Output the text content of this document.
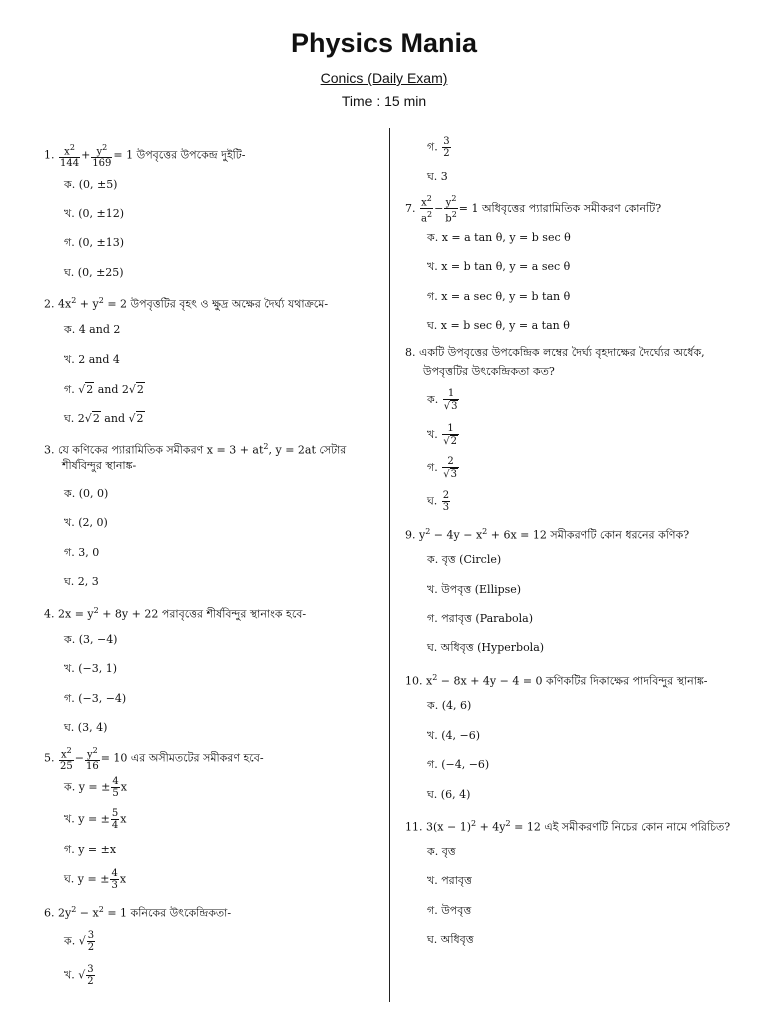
Physics Mania
Conics (Daily Exam)
Time : 15 min
1. $\frac{x^2}{144} + \frac{y^2}{169} = 1$ উপবৃত্তের উপকেন্দ্র দুইটি-
ক. (0, ±5)
খ. (0, ±12)
গ. (0, ±13)
ঘ. (0, ±25)
2. $4x^2 + y^2 = 2$ উপবৃত্তটির বৃহৎ ও ক্ষুদ্র অক্ষের দৈর্ঘ্য যথাক্রমে-
ক. 4 and 2
খ. 2 and 4
গ. √2 and 2√2
ঘ. 2√2 and √2
3. যে কণিকের প্যারামিতিক সমীকরণ $x = 3 + at^2$, y = 2at সেটার
শীর্ষবিন্দুর স্থানাঙ্ক-
ক. (0, 0)
খ. (2, 0)
গ. 3, 0
ঘ. 2, 3
4. $2x = y^2 + 8y + 22$ পরাবৃত্তের শীর্ষবিন্দুর স্থানাংক হবে-
ক. (3, −4)
খ. (−3, 1)
গ. (−3, −4)
ঘ. (3, 4)
5. $\frac{x^2}{25} - \frac{y^2}{16} = 10$ এর অসীমতটের সমীকরণ হবে-
ক. y = ± $\frac{4}{5}$ x
খ. y = ± $\frac{5}{4}$ x
গ. y = ±x
ঘ. y = ± $\frac{4}{3}$ x
6. $2y^2 - x^2 = 1$ কনিকের উৎকেন্দ্রিকতা-
ক. √ $\frac{3}{2}$
খ. √ $\frac{3}{2}$
গ. $\frac{3}{2}$
ঘ. 3
7. $\frac{x^2}{a^2} - \frac{y^2}{b^2} = 1$ অধিবৃত্তের প্যারামিতিক সমীকরণ কোনটি?
ক. x = a tan θ, y = b sec θ
খ. x = b tan θ, y = a sec θ
গ. x = a sec θ, y = b tan θ
ঘ. x = b sec θ, y = a tan θ
8. একটি উপবৃত্তের উপকেন্দ্রিক লম্বের দৈর্ঘ্য বৃহদাক্ষের দৈর্ঘ্যের অর্ধেক,
উপবৃত্তটির উৎকেন্দ্রিকতা কত?
ক. $\frac{1}{√3}$
খ. $\frac{1}{√2}$
গ. $\frac{2}{√3}$
ঘ. $\frac{2}{3}$
9. $y^2 - 4y - x^2 + 6x = 12$ সমীকরণটি কোন ধরনের কণিক?
ক. বৃত্ত (Circle)
খ. উপবৃত্ত (Ellipse)
গ. পরাবৃত্ত (Parabola)
ঘ. অধিবৃত্ত (Hyperbola)
10. $x^2 - 8x + 4y - 4 = 0$ কণিকটির দিকাক্ষের পাদবিন্দুর স্থানাঙ্ক-
ক. (4, 6)
খ. (4, −6)
গ. (−4, −6)
ঘ. (6, 4)
11. $3(x - 1)^2 + 4y^2 = 12$ এই সমীকরণটি নিচের কোন নামে পরিচিত?
ক. বৃত্ত
খ. পরাবৃত্ত
গ. উপবৃত্ত
ঘ. অধিবৃত্ত
